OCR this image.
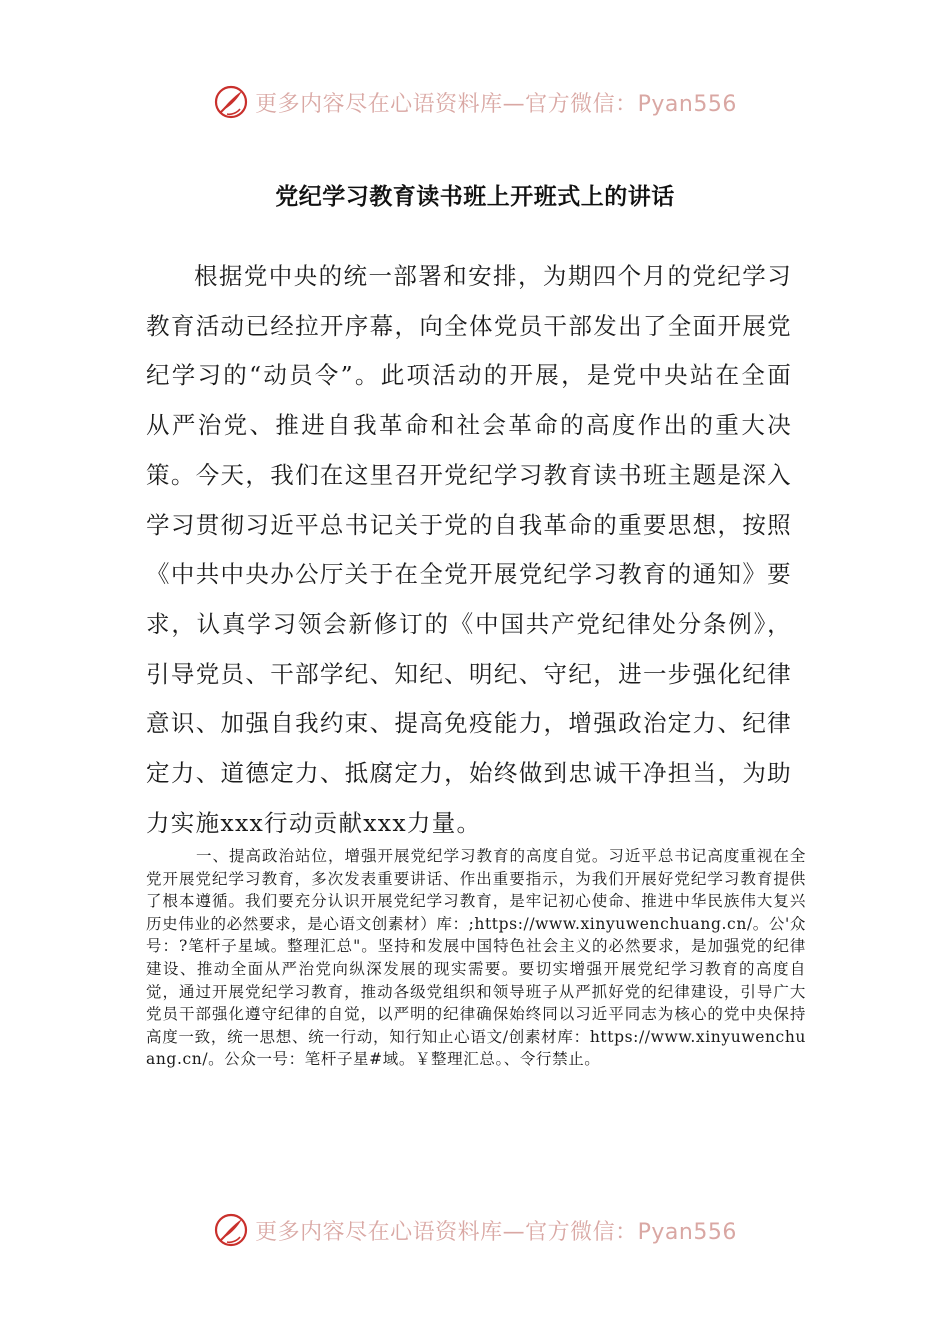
更多内容尽在心语资料库—官方微信：Pyan556
党纪学习教育读书班上开班式上的讲话

根据党中央的统一部署和安排，为期四个月的党纪学习教育活动已经拉开序幕，向全体党员干部发出了全面开展党纪学习的“动员令”。此项活动的开展，是党中央站在全面从严治党、推进自我革命和社会革命的高度作出的重大决策。今天，我们在这里召开党纪学习教育读书班主题是深入学习贯彻习近平总书记关于党的自我革命的重要思想，按照《中共中央办公厅关于在全党开展党纪学习教育的通知》要求，认真学习领会新修订的《中国共产党纪律处分条例》，引导党员、干部学纪、知纪、明纪、守纪，进一步强化纪律意识、加强自我约束、提高免疫能力，增强政治定力、纪律定力、道德定力、抵腐定力，始终做到忠诚干净担当，为助力实施xxx行动贡献xxx力量。

一、提高政治站位，增强开展党纪学习教育的高度自觉。习近平总书记高度重视在全党开展党纪学习教育，多次发表重要讲话、作出重要指示，为我们开展好党纪学习教育提供了根本遵循。我们要充分认识开展党纪学习教育，是牢记初心使命、推进中华民族伟大复兴历史伟业的必然要求，是心语文创素材）库：;https://www.xinyuwenchuang.cn/。公'众号：?笔杆子星域。整理汇总"。坚持和发展中国特色社会主义的必然要求，是加强党的纪律建设、推动全面从严治党向纵深发展的现实需要。要切实增强开展党纪学习教育的高度自觉，通过开展党纪学习教育，推动各级党组织和领导班子从严抓好党的纪律建设，引导广大党员干部强化遵守纪律的自觉，以严明的纪律确保始终同以习近平同志为核心的党中央保持高度一致，统一思想、统一行动，知行知止心语文/创素材库：https://www.xinyuwenchuang.cn/。公众一号：笔杆子星#域。￥整理汇总。、令行禁止。

更多内容尽在心语资料库—官方微信：Pyan556
